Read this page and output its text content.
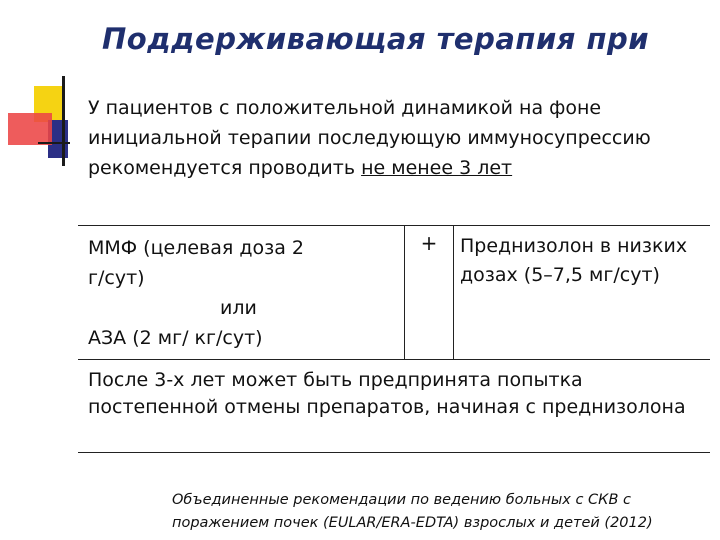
Поддерживающая терапия при

У пациентов с положительной динамикой на фоне инициальной терапии последующую иммуносупрессию рекомендуется проводить не менее 3 лет

ММФ (целевая доза 2
г/сут)
или
АЗА (2 мг/ кг/сут)
+	Преднизолон в низких дозах (5–7,5 мг/сут)
После 3-х лет может быть предпринята попытка постепенной отмены препаратов, начиная с преднизолона

Объединенные рекомендации по ведению больных с СКВ с поражением почек (EULAR/ERA-EDTA) взрослых и детей (2012)
